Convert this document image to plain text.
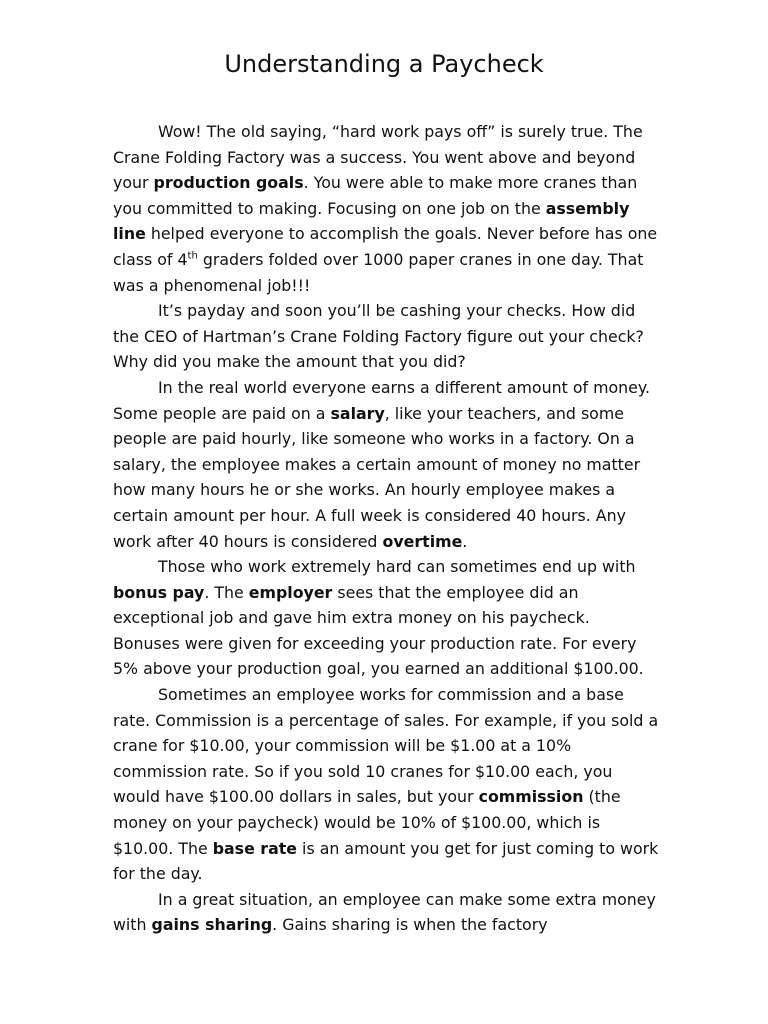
Understanding a Paycheck

Wow! The old saying, “hard work pays off” is surely true. The Crane Folding Factory was a success. You went above and beyond your production goals. You were able to make more cranes than you committed to making. Focusing on one job on the assembly line helped everyone to accomplish the goals. Never before has one class of 4th graders folded over 1000 paper cranes in one day. That was a phenomenal job!!!

It’s payday and soon you’ll be cashing your checks. How did the CEO of Hartman’s Crane Folding Factory figure out your check? Why did you make the amount that you did?

In the real world everyone earns a different amount of money. Some people are paid on a salary, like your teachers, and some people are paid hourly, like someone who works in a factory. On a salary, the employee makes a certain amount of money no matter how many hours he or she works. An hourly employee makes a certain amount per hour. A full week is considered 40 hours. Any work after 40 hours is considered overtime.

Those who work extremely hard can sometimes end up with bonus pay. The employer sees that the employee did an exceptional job and gave him extra money on his paycheck. Bonuses were given for exceeding your production rate. For every 5% above your production goal, you earned an additional $100.00.

Sometimes an employee works for commission and a base rate. Commission is a percentage of sales. For example, if you sold a crane for $10.00, your commission will be $1.00 at a 10% commission rate. So if you sold 10 cranes for $10.00 each, you would have $100.00 dollars in sales, but your commission (the money on your paycheck) would be 10% of $100.00, which is $10.00. The base rate is an amount you get for just coming to work for the day.

In a great situation, an employee can make some extra money with gains sharing. Gains sharing is when the factory
